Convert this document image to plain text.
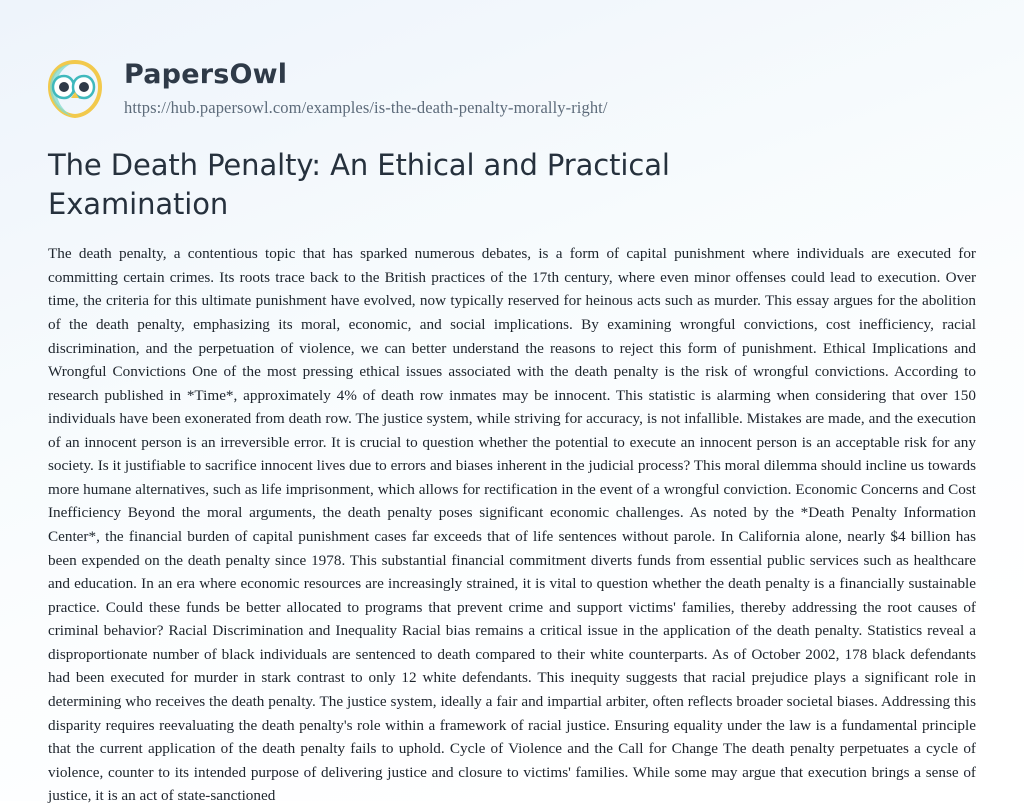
PapersOwl
https://hub.papersowl.com/examples/is-the-death-penalty-morally-right/
The Death Penalty: An Ethical and Practical Examination

The death penalty, a contentious topic that has sparked numerous debates, is a form of capital punishment where individuals are executed for committing certain crimes. Its roots trace back to the British practices of the 17th century, where even minor offenses could lead to execution. Over time, the criteria for this ultimate punishment have evolved, now typically reserved for heinous acts such as murder. This essay argues for the abolition of the death penalty, emphasizing its moral, economic, and social implications. By examining wrongful convictions, cost inefficiency, racial discrimination, and the perpetuation of violence, we can better understand the reasons to reject this form of punishment. Ethical Implications and Wrongful Convictions One of the most pressing ethical issues associated with the death penalty is the risk of wrongful convictions. According to research published in *Time*, approximately 4% of death row inmates may be innocent. This statistic is alarming when considering that over 150 individuals have been exonerated from death row. The justice system, while striving for accuracy, is not infallible. Mistakes are made, and the execution of an innocent person is an irreversible error. It is crucial to question whether the potential to execute an innocent person is an acceptable risk for any society. Is it justifiable to sacrifice innocent lives due to errors and biases inherent in the judicial process? This moral dilemma should incline us towards more humane alternatives, such as life imprisonment, which allows for rectification in the event of a wrongful conviction. Economic Concerns and Cost Inefficiency Beyond the moral arguments, the death penalty poses significant economic challenges. As noted by the *Death Penalty Information Center*, the financial burden of capital punishment cases far exceeds that of life sentences without parole. In California alone, nearly $4 billion has been expended on the death penalty since 1978. This substantial financial commitment diverts funds from essential public services such as healthcare and education. In an era where economic resources are increasingly strained, it is vital to question whether the death penalty is a financially sustainable practice. Could these funds be better allocated to programs that prevent crime and support victims' families, thereby addressing the root causes of criminal behavior? Racial Discrimination and Inequality Racial bias remains a critical issue in the application of the death penalty. Statistics reveal a disproportionate number of black individuals are sentenced to death compared to their white counterparts. As of October 2002, 178 black defendants had been executed for murder in stark contrast to only 12 white defendants. This inequity suggests that racial prejudice plays a significant role in determining who receives the death penalty. The justice system, ideally a fair and impartial arbiter, often reflects broader societal biases. Addressing this disparity requires reevaluating the death penalty's role within a framework of racial justice. Ensuring equality under the law is a fundamental principle that the current application of the death penalty fails to uphold. Cycle of Violence and the Call for Change The death penalty perpetuates a cycle of violence, counter to its intended purpose of delivering justice and closure to victims' families. While some may argue that execution brings a sense of justice, it is an act of state-sanctioned
